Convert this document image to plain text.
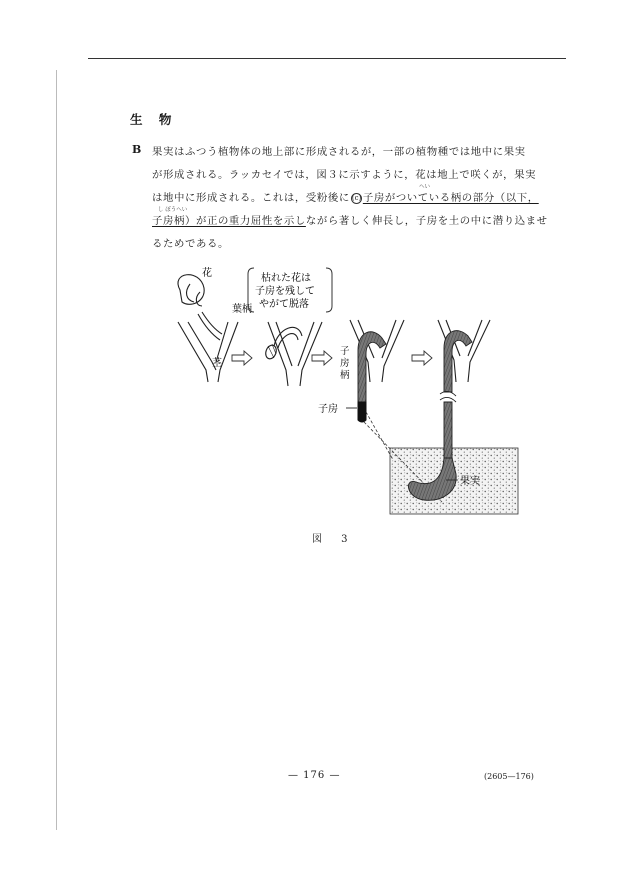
生 物
B 果実はふつう植物体の地上部に形成されるが，一部の植物種では地中に果実
が形成される。ラッカセイでは，図３に示すように，花は地上で咲くが，果実
へい
は地中に形成される。これは，受粉後に (c) 子房がついている柄の部分（以下，
し ぼうへい
子房柄）が正の重力屈性を示しながら著しく伸長し，子房を土の中に潜り込ませ
るためである。
花
葉柄
茎
枯れた花は
子房を残して
やがて脱落
子
房
柄
子房
果実
図 3
— 176 —	(2605—176)
